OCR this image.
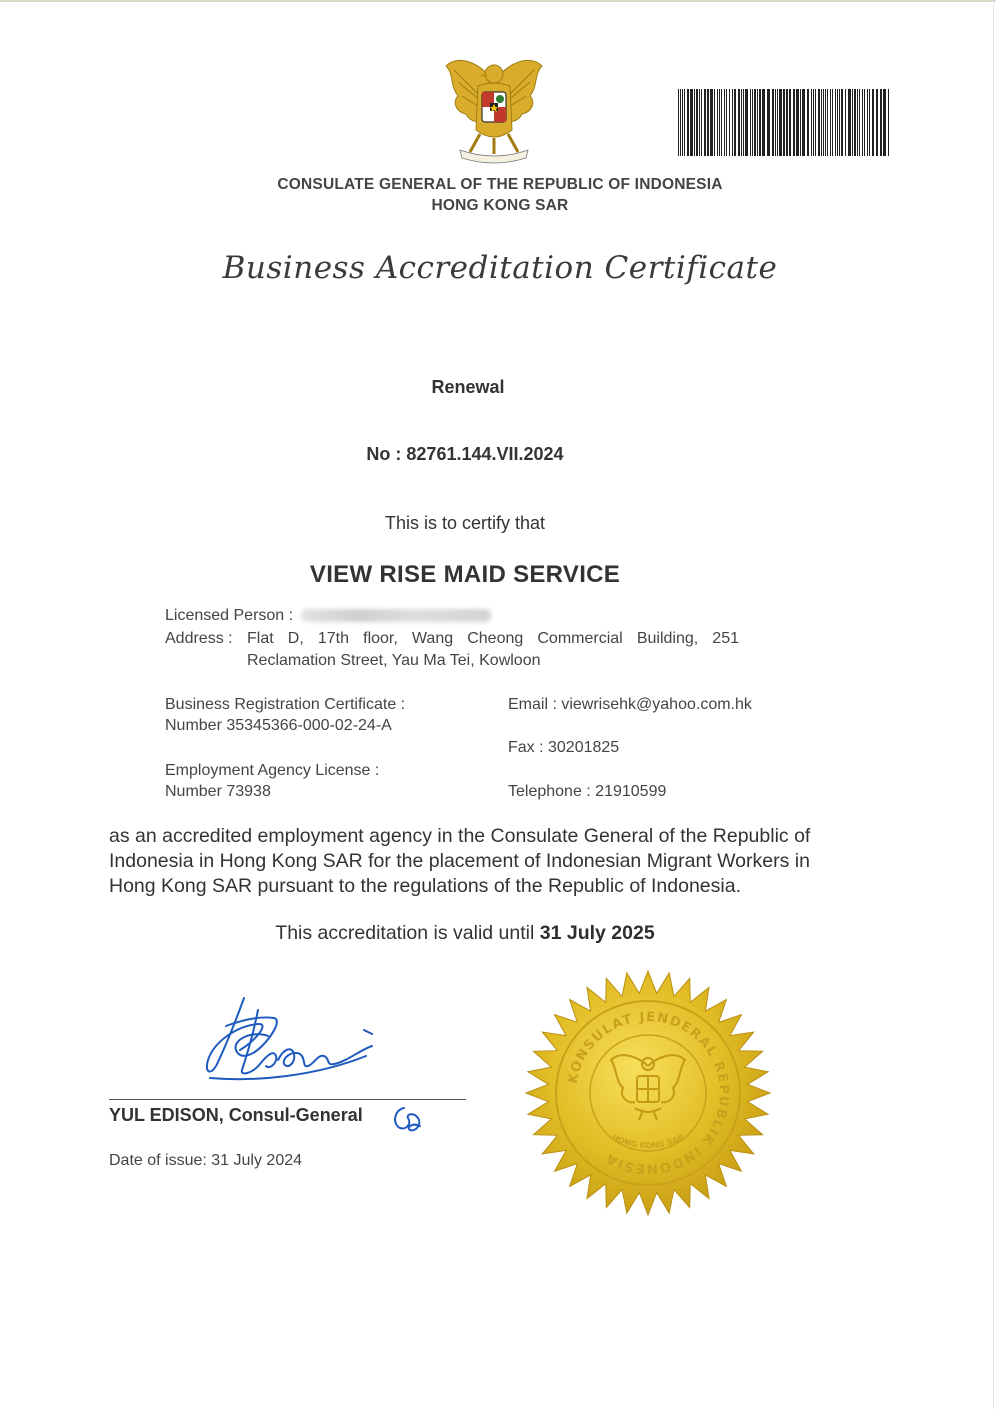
CONSULATE GENERAL OF THE REPUBLIC OF INDONESIA
HONG KONG SAR
Business Accreditation Certificate
Renewal
No : 82761.144.VII.2024
This is to certify that
VIEW RISE MAID SERVICE
Licensed Person :
Address : Flat D, 17th floor, Wang Cheong Commercial Building, 251
Reclamation Street, Yau Ma Tei, Kowloon
Business Registration Certificate :
Number 35345366-000-02-24-A
Employment Agency License :
Number 73938
Email : viewrisehk@yahoo.com.hk
Fax : 30201825
Telephone : 21910599
as an accredited employment agency in the Consulate General of the Republic of
Indonesia in Hong Kong SAR for the placement of Indonesian Migrant Workers in
Hong Kong SAR pursuant to the regulations of the Republic of Indonesia.
This accreditation is valid until 31 July 2025
YUL EDISON, Consul-General
Date of issue: 31 July 2024
KONSULAT JENDERAL REPUBLIK INDONESIA
HONG KONG SAR
